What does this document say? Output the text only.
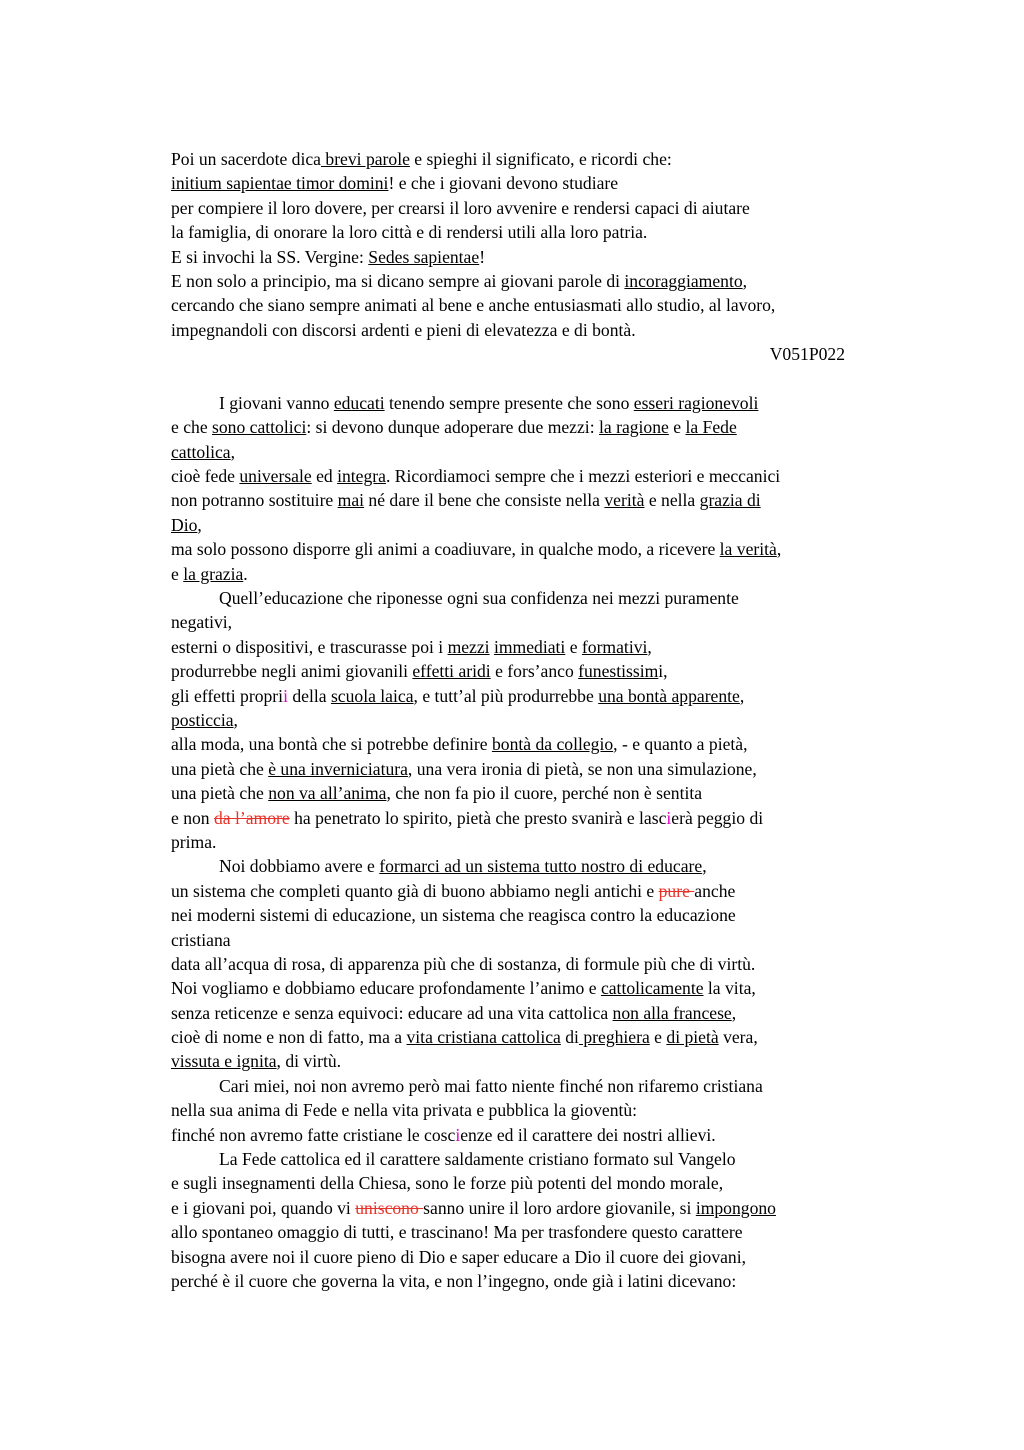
Poi un sacerdote dica brevi parole e spieghi il significato, e ricordi che:
initium sapientae timor domini! e che i giovani devono studiare
per compiere il loro dovere, per crearsi il loro avvenire e rendersi capaci di aiutare
la famiglia, di onorare la loro città e di rendersi utili alla loro patria.
E si invochi la SS. Vergine: Sedes sapientae!
E non solo a principio, ma si dicano sempre ai giovani parole di incoraggiamento,
cercando che siano sempre animati al bene e anche entusiasmati allo studio, al lavoro,
impegnandoli con discorsi ardenti e pieni di elevatezza e di bontà.
V051P022
I giovani vanno educati tenendo sempre presente che sono esseri ragionevoli
e che sono cattolici: si devono dunque adoperare due mezzi: la ragione e la Fede
cattolica,
cioè fede universale ed integra. Ricordiamoci sempre che i mezzi esteriori e meccanici
non potranno sostituire mai né dare il bene che consiste nella verità e nella grazia di
Dio,
ma solo possono disporre gli animi a coadiuvare, in qualche modo, a ricevere la verità,
e la grazia.
Quell’educazione che riponesse ogni sua confidenza nei mezzi puramente
negativi,
esterni o dispositivi, e trascurasse poi i mezzi immediati e formativi,
produrrebbe negli animi giovanili effetti aridi e fors’anco funestissimi,
gli effetti proprii della scuola laica, e tutt’al più produrrebbe una bontà apparente,
posticcia,
alla moda, una bontà che si potrebbe definire bontà da collegio, - e quanto a pietà,
una pietà che è una inverniciatura, una vera ironia di pietà, se non una simulazione,
una pietà che non va all’anima, che non fa pio il cuore, perché non è sentita
e non da l’amore ha penetrato lo spirito, pietà che presto svanirà e lascierà peggio di
prima.
Noi dobbiamo avere e formarci ad un sistema tutto nostro di educare,
un sistema che completi quanto già di buono abbiamo negli antichi e pure anche
nei moderni sistemi di educazione, un sistema che reagisca contro la educazione
cristiana
data all’acqua di rosa, di apparenza più che di sostanza, di formule più che di virtù.
Noi vogliamo e dobbiamo educare profondamente l’animo e cattolicamente la vita,
senza reticenze e senza equivoci: educare ad una vita cattolica non alla francese,
cioè di nome e non di fatto, ma a vita cristiana cattolica di preghiera e di pietà vera,
vissuta e ignita, di virtù.
Cari miei, noi non avremo però mai fatto niente finché non rifaremo cristiana
nella sua anima di Fede e nella vita privata e pubblica la gioventù:
finché non avremo fatte cristiane le coscienze ed il carattere dei nostri allievi.
La Fede cattolica ed il carattere saldamente cristiano formato sul Vangelo
e sugli insegnamenti della Chiesa, sono le forze più potenti del mondo morale,
e i giovani poi, quando vi uniscono sanno unire il loro ardore giovanile, si impongono
allo spontaneo omaggio di tutti, e trascinano! Ma per trasfondere questo carattere
bisogna avere noi il cuore pieno di Dio e saper educare a Dio il cuore dei giovani,
perché è il cuore che governa la vita, e non l’ingegno, onde già i latini dicevano:
